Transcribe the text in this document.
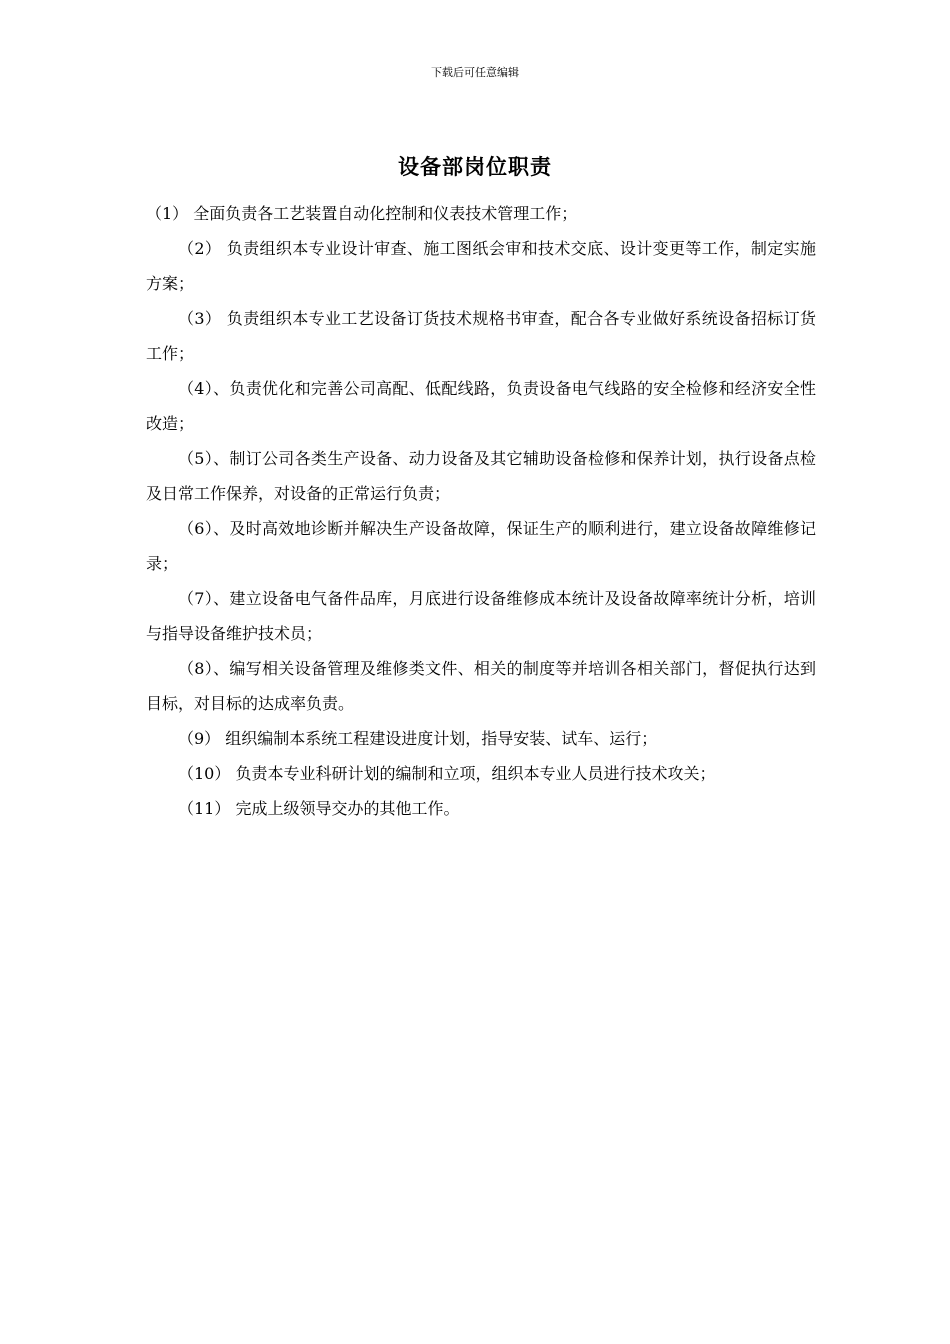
下载后可任意编辑
设备部岗位职责

（1） 全面负责各工艺装置自动化控制和仪表技术管理工作；

（2） 负责组织本专业设计审查、施工图纸会审和技术交底、设计变更等工作，制定实施方案；

（3） 负责组织本专业工艺设备订货技术规格书审查，配合各专业做好系统设备招标订货工作；

（4）、负责优化和完善公司高配、低配线路，负责设备电气线路的安全检修和经济安全性改造；

（5）、制订公司各类生产设备、动力设备及其它辅助设备检修和保养计划，执行设备点检及日常工作保养，对设备的正常运行负责；

（6）、及时高效地诊断并解决生产设备故障，保证生产的顺利进行，建立设备故障维修记录；

（7）、建立设备电气备件品库，月底进行设备维修成本统计及设备故障率统计分析，培训与指导设备维护技术员；

（8）、编写相关设备管理及维修类文件、相关的制度等并培训各相关部门，督促执行达到目标，对目标的达成率负责。

（9） 组织编制本系统工程建设进度计划，指导安装、试车、运行；

（10） 负责本专业科研计划的编制和立项，组织本专业人员进行技术攻关；

（11） 完成上级领导交办的其他工作。
